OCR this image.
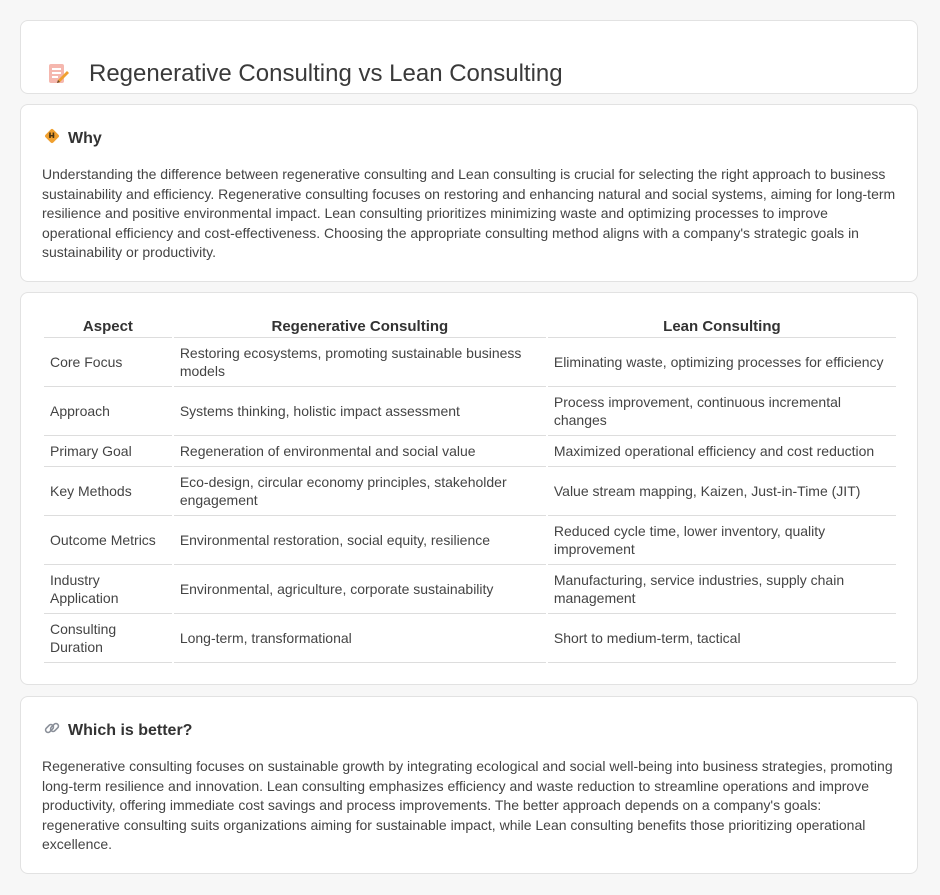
Regenerative Consulting vs Lean Consulting
Why

Understanding the difference between regenerative consulting and Lean consulting is crucial for selecting the right approach to business sustainability and efficiency. Regenerative consulting focuses on restoring and enhancing natural and social systems, aiming for long-term resilience and positive environmental impact. Lean consulting prioritizes minimizing waste and optimizing processes to improve operational efficiency and cost-effectiveness. Choosing the appropriate consulting method aligns with a company's strategic goals in sustainability or productivity.

Aspect	Regenerative Consulting	Lean Consulting
Core Focus	Restoring ecosystems, promoting sustainable business models	Eliminating waste, optimizing processes for efficiency
Approach	Systems thinking, holistic impact assessment	Process improvement, continuous incremental changes
Primary Goal	Regeneration of environmental and social value	Maximized operational efficiency and cost reduction
Key Methods	Eco-design, circular economy principles, stakeholder engagement	Value stream mapping, Kaizen, Just-in-Time (JIT)
Outcome Metrics	Environmental restoration, social equity, resilience	Reduced cycle time, lower inventory, quality improvement
Industry Application	Environmental, agriculture, corporate sustainability	Manufacturing, service industries, supply chain management
Consulting Duration	Long-term, transformational	Short to medium-term, tactical
Which is better?

Regenerative consulting focuses on sustainable growth by integrating ecological and social well-being into business strategies, promoting long-term resilience and innovation. Lean consulting emphasizes efficiency and waste reduction to streamline operations and improve productivity, offering immediate cost savings and process improvements. The better approach depends on a company's goals: regenerative consulting suits organizations aiming for sustainable impact, while Lean consulting benefits those prioritizing operational excellence.
